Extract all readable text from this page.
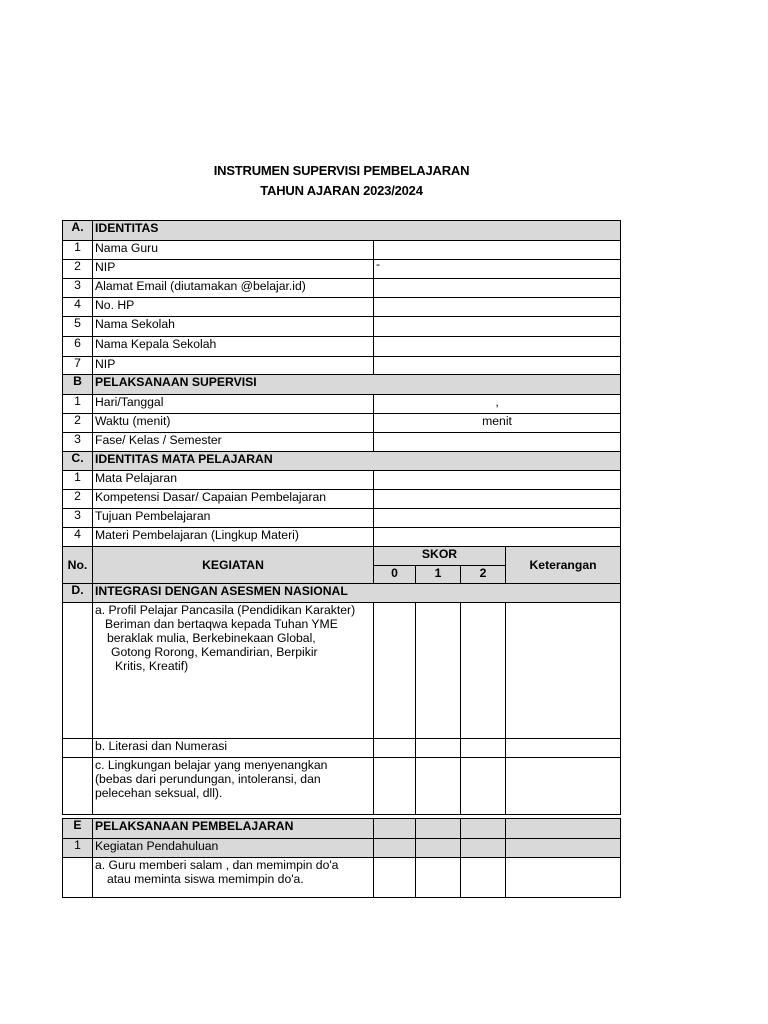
INSTRUMEN SUPERVISI PEMBELAJARAN
TAHUN AJARAN 2023/2024
A.	IDENTITAS				
1	Nama Guru				
2	NIP	-			
3	Alamat Email (diutamakan @belajar.id)				
4	No. HP				
5	Nama Sekolah				
6	Nama Kepala Sekolah				
7	NIP				
B	PELAKSANAAN SUPERVISI				
1	Hari/Tanggal	,			
2	Waktu (menit)	menit			
3	Fase/ Kelas / Semester				
C.	IDENTITAS MATA PELAJARAN				
1	Mata Pelajaran				
2	Kompetensi Dasar/ Capaian Pembelajaran				
3	Tujuan Pembelajaran				
4	Materi Pembelajaran (Lingkup Materi)				
No.	KEGIATAN	SKOR			Keterangan
		0	1	2	
D.	INTEGRASI DENGAN ASESMEN NASIONAL				

	a. Profil Pelajar Pancasila (Pendidikan Karakter)
Beriman dan bertaqwa kepada Tuhan YME
beraklak mulia, Berkebinekaan Global,
Gotong Rorong, Kemandirian, Berpikir
Kritis, Kreatif)				

	b. Literasi dan Numerasi				

	c. Lingkungan belajar yang menyenangkan
(bebas dari perundungan, intoleransi, dan
pelecehan seksual, dll).				

E	PELAKSANAAN PEMBELAJARAN				
1	Kegiatan Pendahuluan				

	a. Guru memberi salam , dan memimpin do'a
atau meminta siswa memimpin do'a.				
